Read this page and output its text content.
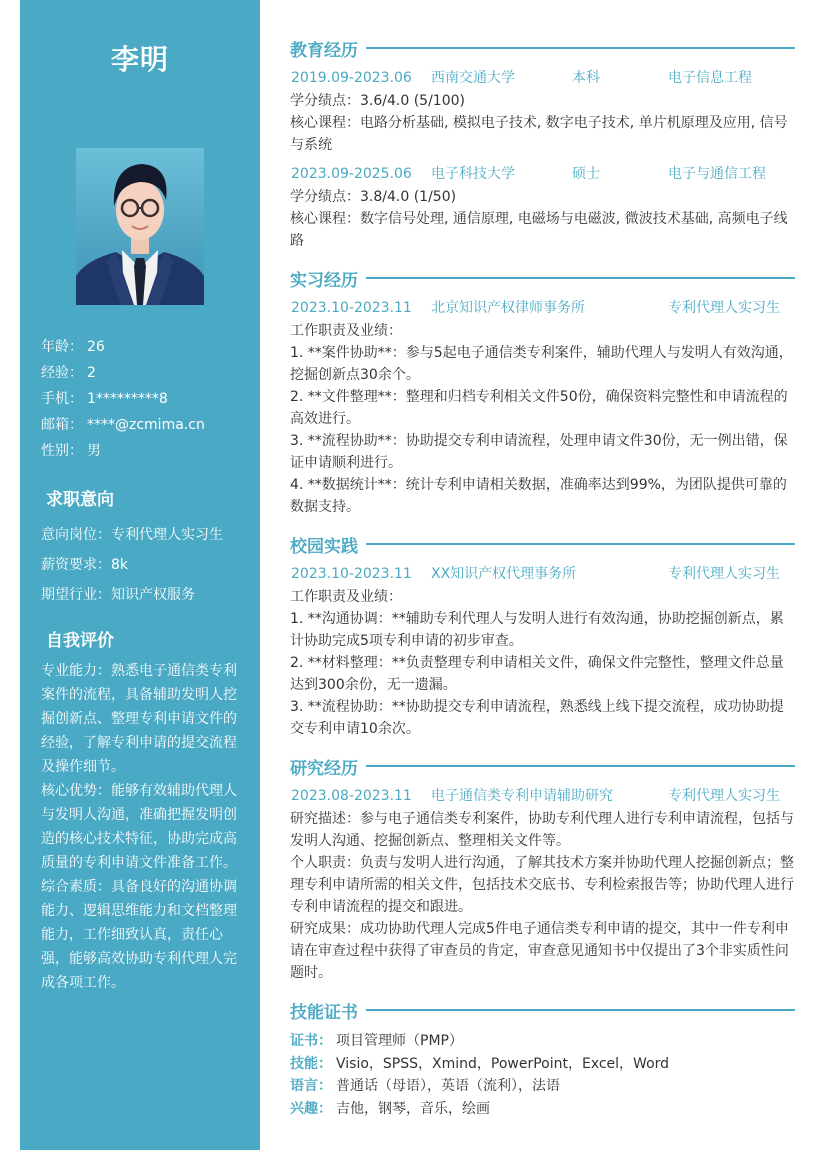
李明
年龄： 26
经验： 2
手机： 1*********8
邮箱： ****@zcmima.cn
性别： 男
求职意向
意向岗位：专利代理人实习生
薪资要求：8k
期望行业：知识产权服务
自我评价

专业能力：熟悉电子通信类专利案件的流程，具备辅助发明人挖掘创新点、整理专利申请文件的经验，了解专利申请的提交流程及操作细节。

核心优势：能够有效辅助代理人与发明人沟通，准确把握发明创造的核心技术特征，协助完成高质量的专利申请文件准备工作。

综合素质：具备良好的沟通协调能力、逻辑思维能力和文档整理能力，工作细致认真，责任心强，能够高效协助专利代理人完成各项工作。

教育经历
2019.09-2023.06 西南交通大学	本科	电子信息工程

学分绩点：3.6/4.0 (5/100)

核心课程：电路分析基础, 模拟电子技术, 数字电子技术, 单片机原理及应用, 信号与系统

2023.09-2025.06 电子科技大学	硕士	电子与通信工程

学分绩点：3.8/4.0 (1/50)

核心课程：数字信号处理, 通信原理, 电磁场与电磁波, 微波技术基础, 高频电子线路

实习经历
2023.10-2023.11 北京知识产权律师事务所	专利代理人实习生

工作职责及业绩：

1. **案件协助**：参与5起电子通信类专利案件，辅助代理人与发明人有效沟通，挖掘创新点30余个。

2. **文件整理**：整理和归档专利相关文件50份，确保资料完整性和申请流程的高效进行。

3. **流程协助**：协助提交专利申请流程，处理申请文件30份，无一例出错，保证申请顺利进行。

4. **数据统计**：统计专利申请相关数据，准确率达到99%，为团队提供可靠的数据支持。

校园实践
2023.10-2023.11 XX知识产权代理事务所	专利代理人实习生

工作职责及业绩：

1. **沟通协调：**辅助专利代理人与发明人进行有效沟通，协助挖掘创新点，累计协助完成5项专利申请的初步审查。

2. **材料整理：**负责整理专利申请相关文件，确保文件完整性，整理文件总量达到300余份，无一遗漏。

3. **流程协助：**协助提交专利申请流程，熟悉线上线下提交流程，成功协助提交专利申请10余次。

研究经历
2023.08-2023.11 电子通信类专利申请辅助研究	专利代理人实习生

研究描述：参与电子通信类专利案件，协助专利代理人进行专利申请流程，包括与发明人沟通、挖掘创新点、整理相关文件等。

个人职责：负责与发明人进行沟通，了解其技术方案并协助代理人挖掘创新点；整理专利申请所需的相关文件，包括技术交底书、专利检索报告等；协助代理人进行专利申请流程的提交和跟进。

研究成果：成功协助代理人完成5件电子通信类专利申请的提交，其中一件专利申请在审查过程中获得了审查员的肯定，审查意见通知书中仅提出了3个非实质性问题时。

技能证书
证书： 项目管理师（PMP）
技能： Visio，SPSS，Xmind，PowerPoint，Excel，Word
语言： 普通话（母语），英语（流利），法语
兴趣： 吉他，钢琴，音乐，绘画
